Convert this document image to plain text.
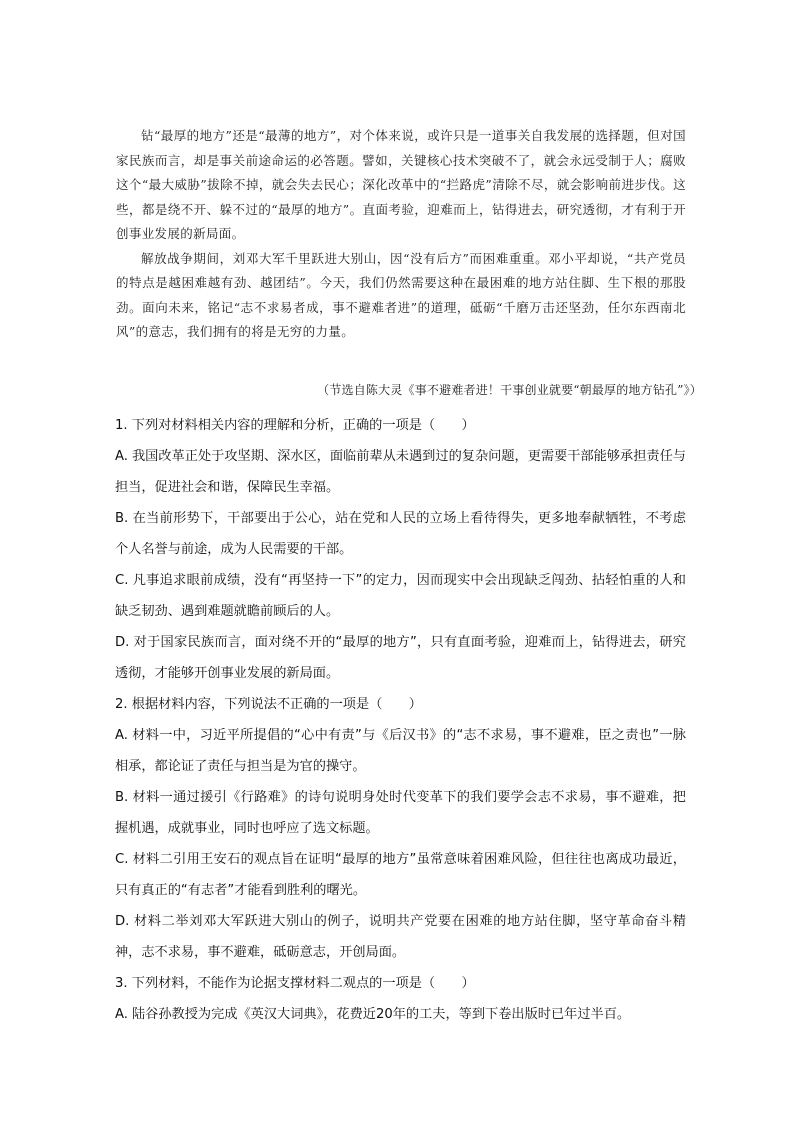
钻“最厚的地方”还是“最薄的地方”，对个体来说，或许只是一道事关自我发展的选择题，但对国家民族而言，却是事关前途命运的必答题。譬如，关键核心技术突破不了，就会永远受制于人；腐败这个“最大威胁”拔除不掉，就会失去民心；深化改革中的“拦路虎”清除不尽，就会影响前进步伐。这些，都是绕不开、躲不过的“最厚的地方”。直面考验，迎难而上，钻得进去，研究透彻，才有利于开创事业发展的新局面。

解放战争期间，刘邓大军千里跃进大别山，因“没有后方”而困难重重。邓小平却说，“共产党员的特点是越困难越有劲、越团结”。今天，我们仍然需要这种在最困难的地方站住脚、生下根的那股劲。面向未来，铭记“志不求易者成，事不避难者进”的道理，砥砺“千磨万击还坚劲，任尔东西南北风”的意志，我们拥有的将是无穷的力量。

（节选自陈大灵《事不避难者进！干事创业就要“朝最厚的地方钻孔”》）

1. 下列对材料相关内容的理解和分析，正确的一项是（　　）

A. 我国改革正处于攻坚期、深水区，面临前辈从未遇到过的复杂问题，更需要干部能够承担责任与担当，促进社会和谐，保障民生幸福。

B. 在当前形势下，干部要出于公心，站在党和人民的立场上看待得失，更多地奉献牺牲，不考虑个人名誉与前途，成为人民需要的干部。

C. 凡事追求眼前成绩，没有“再坚持一下”的定力，因而现实中会出现缺乏闯劲、拈轻怕重的人和缺乏韧劲、遇到难题就瞻前顾后的人。

D. 对于国家民族而言，面对绕不开的“最厚的地方”，只有直面考验，迎难而上，钻得进去，研究透彻，才能够开创事业发展的新局面。

2. 根据材料内容，下列说法不正确的一项是（　　）

A. 材料一中，习近平所提倡的“心中有责”与《后汉书》的“志不求易，事不避难，臣之责也”一脉相承，都论证了责任与担当是为官的操守。

B. 材料一通过援引《行路难》的诗句说明身处时代变革下的我们要学会志不求易，事不避难，把握机遇，成就事业，同时也呼应了选文标题。

C. 材料二引用王安石的观点旨在证明“最厚的地方”虽常意味着困难风险，但往往也离成功最近，只有真正的“有志者”才能看到胜利的曙光。

D. 材料二举刘邓大军跃进大别山的例子，说明共产党要在困难的地方站住脚，坚守革命奋斗精神，志不求易，事不避难，砥砺意志，开创局面。

3. 下列材料，不能作为论据支撑材料二观点的一项是（　　）

A. 陆谷孙教授为完成《英汉大词典》，花费近20年的工夫，等到下卷出版时已年过半百。
